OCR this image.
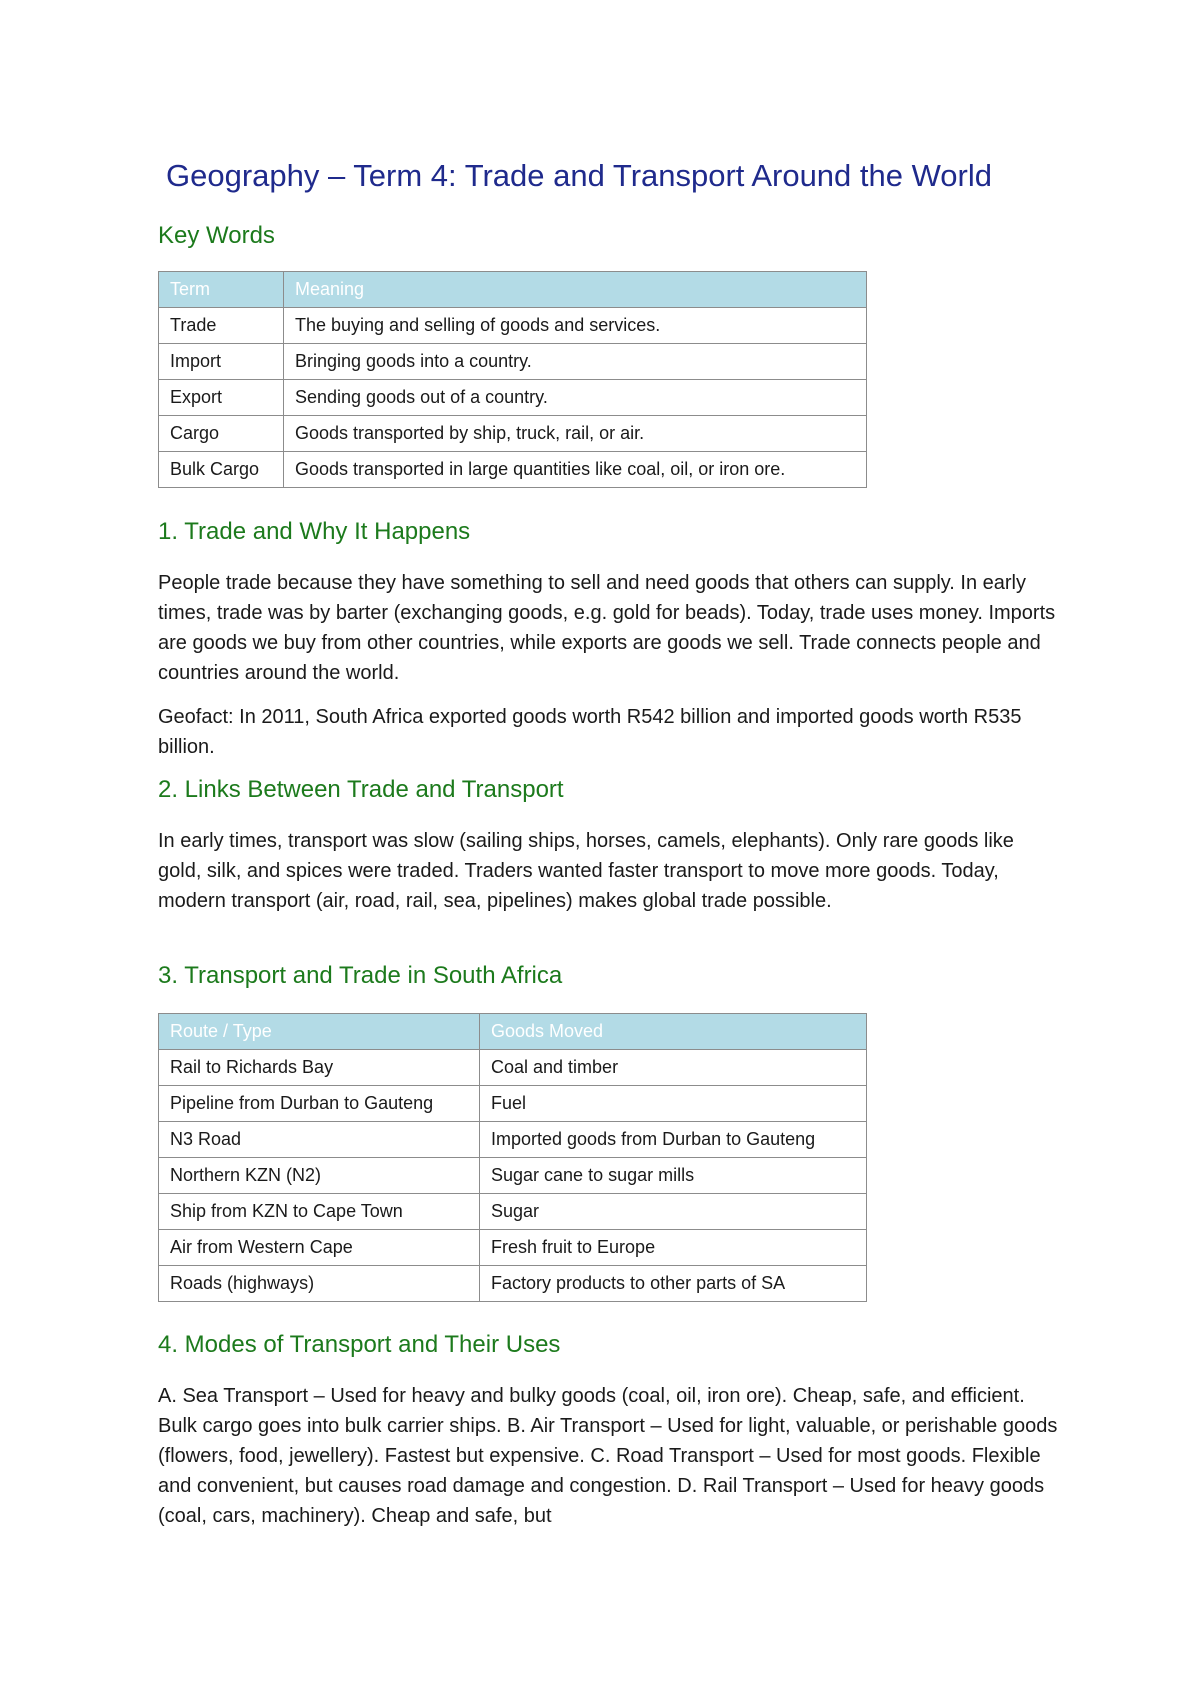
Geography – Term 4: Trade and Transport Around the World
Key Words
Term	Meaning
Trade	The buying and selling of goods and services.
Import	Bringing goods into a country.
Export	Sending goods out of a country.
Cargo	Goods transported by ship, truck, rail, or air.
Bulk Cargo	Goods transported in large quantities like coal, oil, or iron ore.
1. Trade and Why It Happens

People trade because they have something to sell and need goods that others can supply. In early times, trade was by barter (exchanging goods, e.g. gold for beads). Today, trade uses money. Imports are goods we buy from other countries, while exports are goods we sell. Trade connects people and countries around the world.

Geofact: In 2011, South Africa exported goods worth R542 billion and imported goods worth R535 billion.

2. Links Between Trade and Transport

In early times, transport was slow (sailing ships, horses, camels, elephants). Only rare goods like gold, silk, and spices were traded. Traders wanted faster transport to move more goods. Today, modern transport (air, road, rail, sea, pipelines) makes global trade possible.

3. Transport and Trade in South Africa
Route / Type	Goods Moved
Rail to Richards Bay	Coal and timber
Pipeline from Durban to Gauteng	Fuel
N3 Road	Imported goods from Durban to Gauteng
Northern KZN (N2)	Sugar cane to sugar mills
Ship from KZN to Cape Town	Sugar
Air from Western Cape	Fresh fruit to Europe
Roads (highways)	Factory products to other parts of SA
4. Modes of Transport and Their Uses

A. Sea Transport – Used for heavy and bulky goods (coal, oil, iron ore). Cheap, safe, and efficient. Bulk cargo goes into bulk carrier ships. B. Air Transport – Used for light, valuable, or perishable goods (flowers, food, jewellery). Fastest but expensive. C. Road Transport – Used for most goods. Flexible and convenient, but causes road damage and congestion. D. Rail Transport – Used for heavy goods (coal, cars, machinery). Cheap and safe, but
